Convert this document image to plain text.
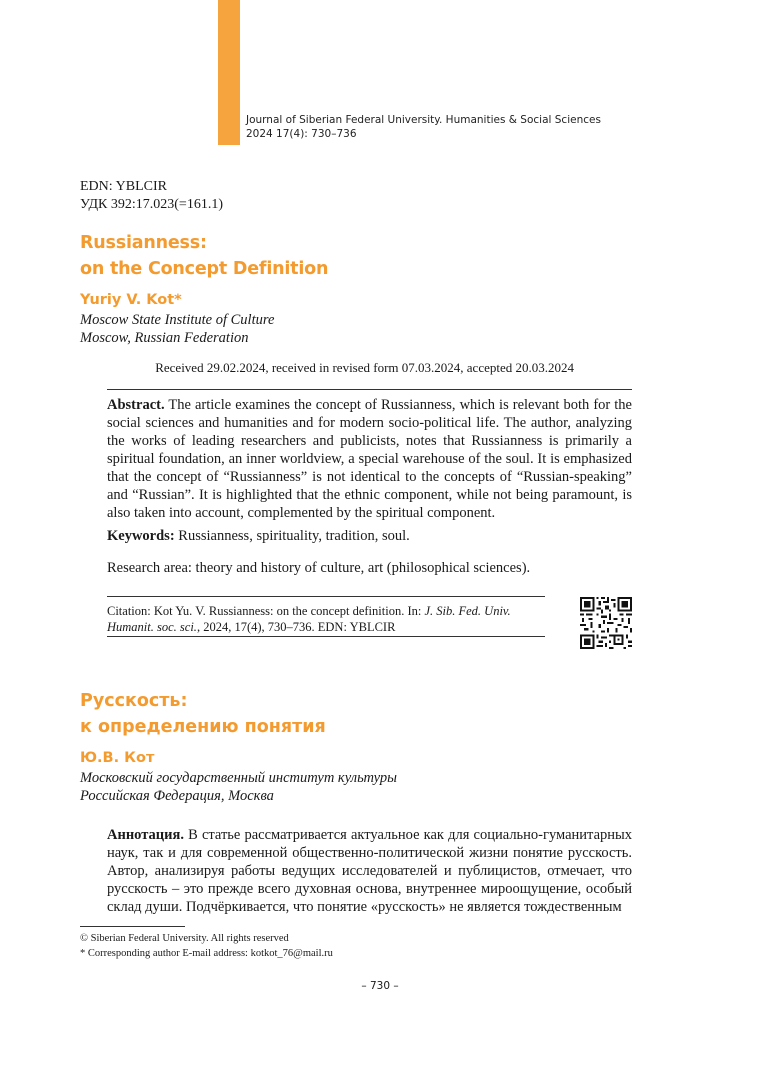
Journal of Siberian Federal University. Humanities & Social Sciences
2024 17(4): 730–736
EDN: YBLCIR
УДК 392:17.023(=161.1)
Russianness:
on the Concept Definition
Yuriy V. Kot*
Moscow State Institute of Culture
Moscow, Russian Federation
Received 29.02.2024, received in revised form 07.03.2024, accepted 20.03.2024
Abstract. The article examines the concept of Russianness, which is relevant both for the social sciences and humanities and for modern socio-political life. The author, analyzing the works of leading researchers and publicists, notes that Russianness is primarily a spiritual foundation, an inner worldview, a special warehouse of the soul. It is emphasized that the concept of “Russianness” is not identical to the concepts of “Russian-speaking” and “Russian”. It is highlighted that the ethnic component, while not being paramount, is also taken into account, complemented by the spiritual component.
Keywords: Russianness, spirituality, tradition, soul.
Research area: theory and history of culture, art (philosophical sciences).
Citation: Kot Yu. V. Russianness: on the concept definition. In: J. Sib. Fed. Univ. Humanit. soc. sci., 2024, 17(4), 730–736. EDN: YBLCIR
Русскость:
к определению понятия
Ю.В. Кот
Московский государственный институт культуры
Российская Федерация, Москва
Аннотация. В статье рассматривается актуальное как для социально-гуманитарных наук, так и для современной общественно-политической жизни понятие русскость. Автор, анализируя работы ведущих исследователей и публицистов, отмечает, что русскость – это прежде всего духовная основа, внутреннее мироощущение, особый склад души. Подчёркивается, что понятие «русскость» не является тождественным
© Siberian Federal University. All rights reserved
* Corresponding author E-mail address: kotkot_76@mail.ru
– 730 –
